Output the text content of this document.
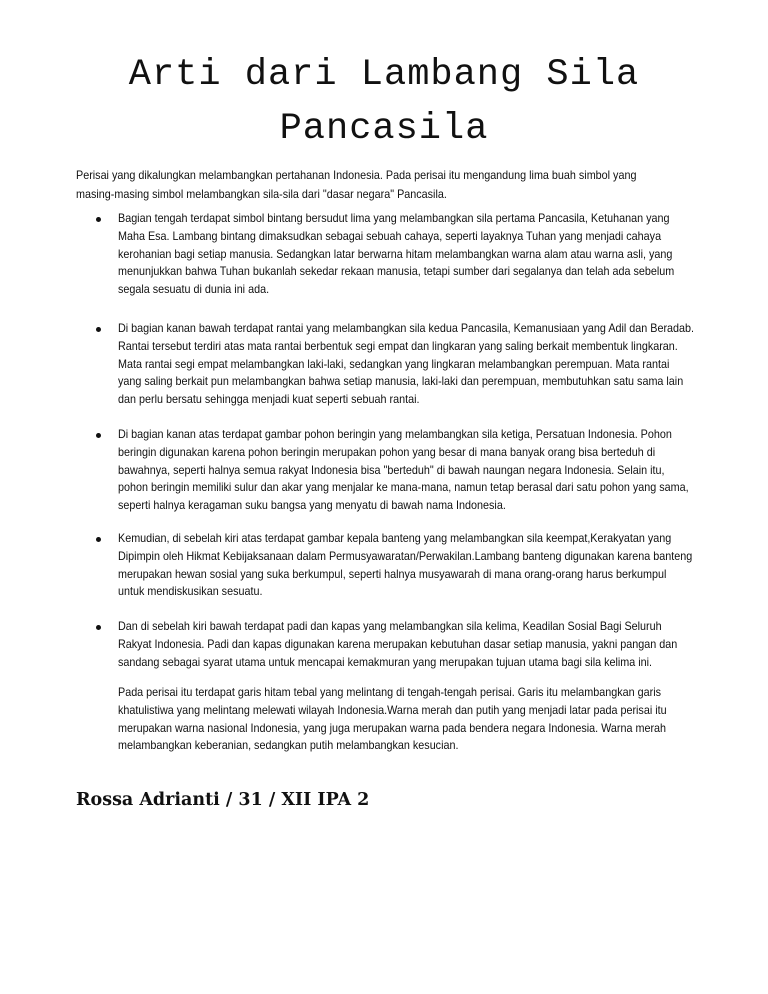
Arti dari Lambang Sila Pancasila

Perisai yang dikalungkan melambangkan pertahanan Indonesia. Pada perisai itu mengandung lima buah simbol yang masing-masing simbol melambangkan sila-sila dari "dasar negara" Pancasila.

Bagian tengah terdapat simbol bintang bersudut lima yang melambangkan sila pertama Pancasila, Ketuhanan yang Maha Esa. Lambang bintang dimaksudkan sebagai sebuah cahaya, seperti layaknya Tuhan yang menjadi cahaya kerohanian bagi setiap manusia. Sedangkan latar berwarna hitam melambangkan warna alam atau warna asli, yang menunjukkan bahwa Tuhan bukanlah sekedar rekaan manusia, tetapi sumber dari segalanya dan telah ada sebelum segala sesuatu di dunia ini ada.
Di bagian kanan bawah terdapat rantai yang melambangkan sila kedua Pancasila, Kemanusiaan yang Adil dan Beradab. Rantai tersebut terdiri atas mata rantai berbentuk segi empat dan lingkaran yang saling berkait membentuk lingkaran. Mata rantai segi empat melambangkan laki-laki, sedangkan yang lingkaran melambangkan perempuan. Mata rantai yang saling berkait pun melambangkan bahwa setiap manusia, laki-laki dan perempuan, membutuhkan satu sama lain dan perlu bersatu sehingga menjadi kuat seperti sebuah rantai.
Di bagian kanan atas terdapat gambar pohon beringin yang melambangkan sila ketiga, Persatuan Indonesia. Pohon beringin digunakan karena pohon beringin merupakan pohon yang besar di mana banyak orang bisa berteduh di bawahnya, seperti halnya semua rakyat Indonesia bisa "berteduh" di bawah naungan negara Indonesia. Selain itu, pohon beringin memiliki sulur dan akar yang menjalar ke mana-mana, namun tetap berasal dari satu pohon yang sama, seperti halnya keragaman suku bangsa yang menyatu di bawah nama Indonesia.
Kemudian, di sebelah kiri atas terdapat gambar kepala banteng yang melambangkan sila keempat,Kerakyatan yang Dipimpin oleh Hikmat Kebijaksanaan dalam Permusyawaratan/Perwakilan.Lambang banteng digunakan karena banteng merupakan hewan sosial yang suka berkumpul, seperti halnya musyawarah di mana orang-orang harus berkumpul untuk mendiskusikan sesuatu.
Dan di sebelah kiri bawah terdapat padi dan kapas yang melambangkan sila kelima, Keadilan Sosial Bagi Seluruh Rakyat Indonesia. Padi dan kapas digunakan karena merupakan kebutuhan dasar setiap manusia, yakni pangan dan sandang sebagai syarat utama untuk mencapai kemakmuran yang merupakan tujuan utama bagi sila kelima ini.
Pada perisai itu terdapat garis hitam tebal yang melintang di tengah-tengah perisai. Garis itu melambangkan garis khatulistiwa yang melintang melewati wilayah Indonesia.Warna merah dan putih yang menjadi latar pada perisai itu merupakan warna nasional Indonesia, yang juga merupakan warna pada bendera negara Indonesia. Warna merah melambangkan keberanian, sedangkan putih melambangkan kesucian.
Rossa Adrianti / 31 / XII IPA 2
